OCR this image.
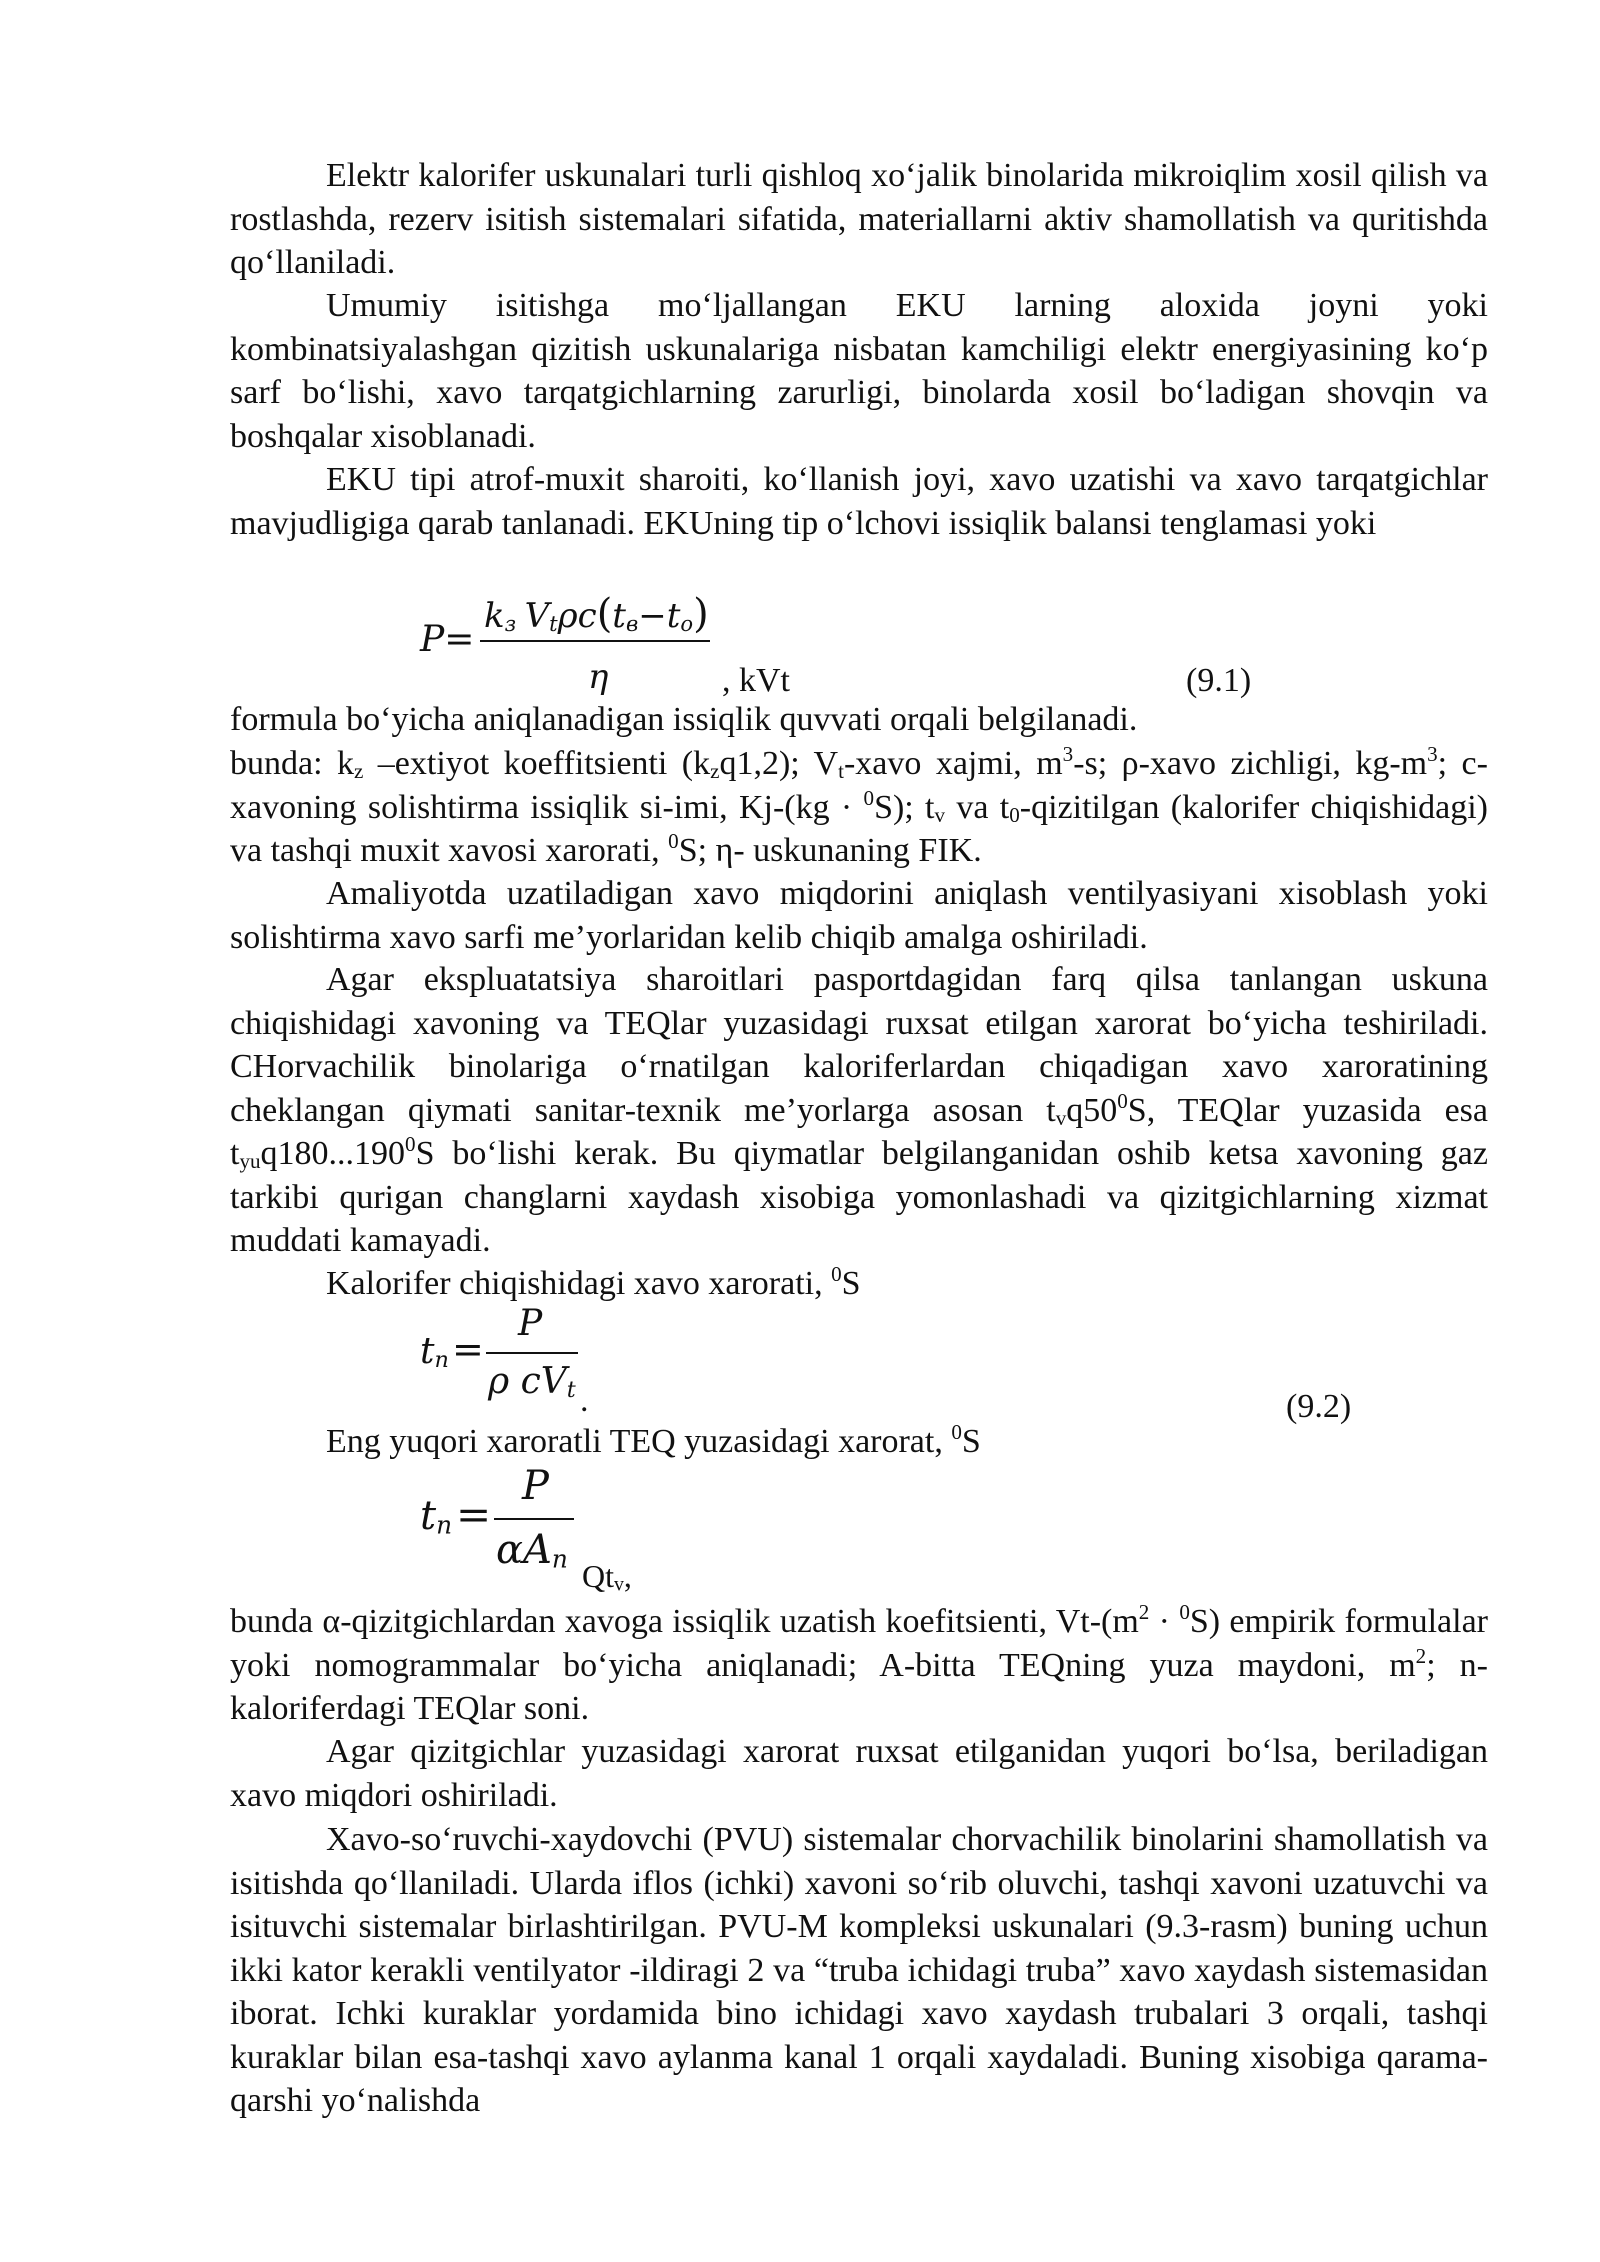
Elektr kalorifer uskunalari turli qishloq xo‘jalik binolarida mikroiqlim xosil qilish va rostlashda, rezerv isitish sistemalari sifatida, materiallarni aktiv shamollatish va quritishda qo‘llaniladi.

Umumiy isitishga mo‘ljallangan EKU larning aloxida joyni yoki kombinatsiyalashgan qizitish uskunalariga nisbatan kamchiligi elektr energiyasining ko‘p sarf bo‘lishi, xavo tarqatgichlarning zarurligi, binolarda xosil bo‘ladigan shovqin va boshqalar xisoblanadi.

EKU tipi atrof-muxit sharoiti, ko‘llanish joyi, xavo uzatishi va xavo tarqatgichlar mavjudligiga qarab tanlanadi. EKUning tip o‘lchovi issiqlik balansi tenglamasi yoki

P=
kз Vtρc(tв−to)
η	, kVt	(9.1)

formula bo‘yicha aniqlanadigan issiqlik quvvati orqali belgilanadi.

bunda: kz –extiyot koeffitsienti (kzq1,2); Vt-xavo xajmi, $m^3-s$; ρ-xavo zichligi, $kg-m^3$; c-xavoning solishtirma issiqlik si-imi, Kj-(kg · $^0$S); tv va t0-qizitilgan (kalorifer chiqishidagi) va tashqi muxit xavosi xarorati, $^0$S; η- uskunaning FIK.

Amaliyotda uzatiladigan xavo miqdorini aniqlash ventilyasiyani xisoblash yoki solishtirma xavo sarfi me’yorlaridan kelib chiqib amalga oshiriladi.

Agar ekspluatatsiya sharoitlari pasportdagidan farq qilsa tanlangan uskuna chiqishidagi xavoning va TEQlar yuzasidagi ruxsat etilgan xarorat bo‘yicha teshiriladi. CHorvachilik binolariga o‘rnatilgan kaloriferlardan chiqadigan xavo xaroratining cheklangan qiymati sanitar-texnik me’yorlarga asosan $tvq50^0S$, TEQlar yuzasida esa tyuq180...190$^0$S bo‘lishi kerak. Bu qiymatlar belgilanganidan oshib ketsa xavoning gaz tarkibi qurigan changlarni xaydash xisobiga yomonlashadi va qizitgichlarning xizmat muddati kamayadi.

Kalorifer chiqishidagi xavo xarorati, $^0$S

tn =
P
ρ cVt .	(9.2)

Eng yuqori xaroratli TEQ yuzasidagi xarorat, $^0$S

tn =
P
αAn Qtv,

bunda α-qizitgichlardan xavoga issiqlik uzatish koefitsienti, $Vt-(m^2 \cdot ^0S)$ empirik formulalar yoki nomogrammalar bo‘yicha aniqlanadi; A-bitta TEQning yuza maydoni, $m^2$; n- kaloriferdagi TEQlar soni.

Agar qizitgichlar yuzasidagi xarorat ruxsat etilganidan yuqori bo‘lsa, beriladigan xavo miqdori oshiriladi.

Xavo-so‘ruvchi-xaydovchi (PVU) sistemalar chorvachilik binolarini shamollatish va isitishda qo‘llaniladi. Ularda iflos (ichki) xavoni so‘rib oluvchi, tashqi xavoni uzatuvchi va isituvchi sistemalar birlashtirilgan. PVU-M kompleksi uskunalari (9.3-rasm) buning uchun ikki kator kerakli ventilyator -ildiragi 2 va “truba ichidagi truba” xavo xaydash sistemasidan iborat. Ichki kuraklar yordamida bino ichidagi xavo xaydash trubalari 3 orqali, tashqi kuraklar bilan esa-tashqi xavo aylanma kanal 1 orqali xaydaladi. Buning xisobiga qarama-qarshi yo‘nalishda
